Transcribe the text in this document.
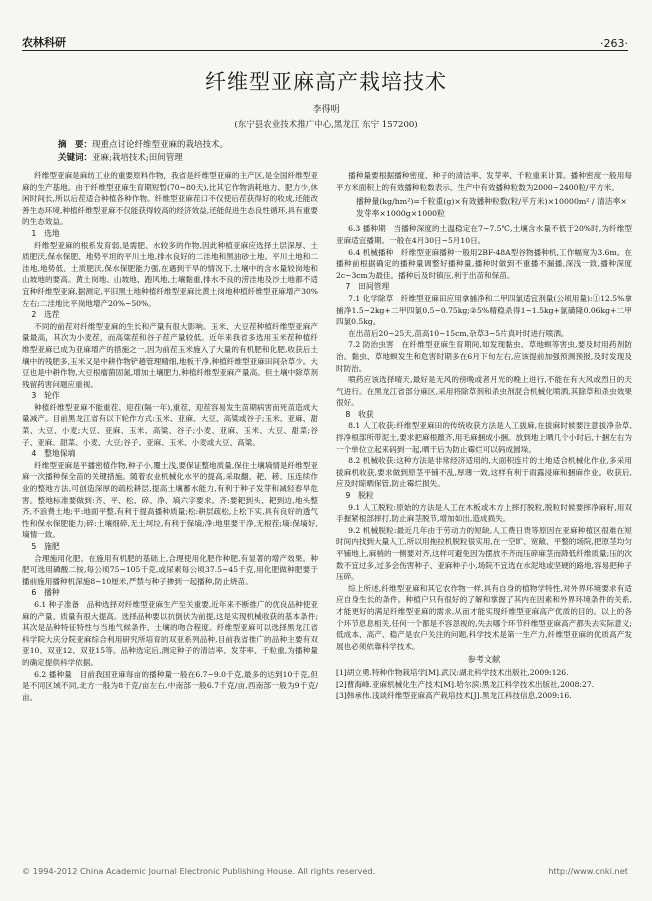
农林科研	·263·
纤维型亚麻高产栽培技术
李得明
(东宁县农业技术推广中心,黑龙江 东宁 157200)
摘　要：现重点讨论纤维型亚麻的栽培技术。
关键词：亚麻;栽培技术;田间管理

纤维型亚麻是麻纺工业的重要原料作物，我省是纤维型亚麻的主产区,是全国纤维型亚麻的生产基地。由于纤维型亚麻生育期短暂(70~80天),比其它作物消耗地力、肥力少,休闲时间长,所以后茬适合种植各种作物。纤维型亚麻茬口不仅使后茬获得好的收成,还能改善生态环境,种植纤维型亚麻不仅能获得较高的经济效益,还能促进生态良性循环,具有重要的生态效益。

1　选地

纤维型亚麻的根系发育弱,是需肥、水较多的作物,因此种植亚麻应选择土层深厚、土质肥沃,保水保肥、地势平坦的平川土地,排水良好的二洼地和黑油砂土地。平川土地和二洼地,地势低、土质肥沃,保水保肥能力强,在遇到干旱的情况下,土壤中的含水量较岗地和山坡地的要高。黄土岗地、山坡地、跑风地,土壤黏重,排水不良的涝洼地及沙土地都不适宜种纤维型亚麻,据测定,平旧黑土地种植纤维型亚麻比黄土岗地种植纤维型亚麻增产30%左右;二洼地比平岗地增产20%~50%。

2　选茬

不同的前茬对纤维型亚麻的生长和产量有很大影响。玉米、大豆茬种植纤维型亚麻产量最高，其次为小麦茬，而高粱茬和谷子茬产量较低。近年来我省多选用玉米茬种植纤维型亚麻已成为亚麻增产的措施之一,因为前茬玉米施入了大量的有机肥和化肥,收获后土壤中的残肥多,玉米又是中耕作物铲趟管理精细,地板干净,种植纤维型亚麻田间杂草少。大豆也是中耕作物,大豆根瘤菌固氮,增加土壤肥力,种植纤维型亚麻产量高。但土壤中除草剂残留药害问题应重视。

3　轮作

种植纤维型亚麻不能重茬、迎茬(隔一年),重茬、迎茬容易发生苗期病害而死苗造成大量减产。目前黑龙江省有以下轮作方式:玉米、亚麻、大豆、高粱或谷子;玉米、亚麻、甜菜、大豆、小麦;大豆、亚麻、玉米、高粱、谷子;小麦、亚麻、玉米、大豆、甜菜;谷子、亚麻、甜菜、小麦、大豆;谷子、亚麻、玉米、小麦或大豆、高粱。

4　整地保墒

纤维型亚麻是平播密植作物,种子小,覆土浅,要保证整地质量,保住土壤墒情是纤维型亚麻一次播种保全苗的关键措施。随着农业机械化水平的提高,采取翻、耙、耢、压连续作业的整地方法,可创造深厚的疏松耕层,提高土壤蓄水能力,有利于种子发芽和减轻春旱危害。整地标准要做到:齐、平、松、碎、净、墒六字要求。齐:要耙到头、耙到边,地头整齐,不浪费土地;平:地面平整,有利于提高播种质量;松:耕层疏松,上松下实,具有良好的透气性和保水保肥能力;碎:土壤细碎,无土坷垃,有利于保墒;净:地里要干净,无根茬;墒:保墒好,墒情一致。

5　施肥

合理施用化肥。在施用有机肥的基础上,合理使用化肥作种肥,有显著的增产效果。种肥可选用磷酸二铵,每公顷75~105千克,或尿素每公顷37.5~45千克,用化肥做种肥要于播前施用播种机深施8~10厘米,严禁与种子掺到一起播种,防止烧苗。

6　播种

6.1 种子准备　品种选择对纤维型亚麻生产至关重要,近年来不断推广的优良品种使亚麻的产量、质量有很大提高。选择品种要以抗倒伏为前提,这是实现机械收获的基本条件;其次是品种特征特性与当地气候条件、土壤的吻合程度。纤维型亚麻可以选择黑龙江省科学院大庆分院亚麻综合利用研究所培育的双亚系列品种,目前我省推广的品种主要有双亚10、双亚12、双亚15等。品种选定后,测定种子的清洁率、发芽率、千粒重,为播种量的确定提供科学依据。

6.2 播种量　目前我国亚麻每亩的播种量一般在6.7~9.0千克,最多的达到10千克,但是不同区域不同,北方一般为8千克/亩左右,中南部一般6.7千克/亩,西南部一般为9千克/亩。

播种量要根据播种密度、种子的清洁率、发芽率、千粒重来计算。播种密度一般用每平方米面积上的有效播种粒数表示。生产中有效播种粒数为2000~2400粒/平方米。

播种量(kg/hm²)=千粒重(g)×有效播种粒数(粒/平方米)×10000m² / 清洁率×发芽率×1000g×1000粒

6.3 播种期　当播种深度的土温稳定在7~7.5℃,土壤含水量不低于20%时,为纤维型亚麻适宜播期。一般在4月30日~5月10日。

6.4 机械播种　纤维型亚麻播种一般用2BF-48A型谷物播种机,工作幅宽为3.6m。在播种前根据确定的播种量调整好播种量,播种时做到不重播不漏播,深浅一致,播种深度2c~3cm为最佳。播种后及时镇压,利于出苗和保苗。

7　田间管理

7.1 化学除草　纤维型亚麻田应用拿捕净和二甲四氯适宜剂量(公顷用量):①12.5%拿捕净1.5~2kg+二甲四氯0.5~0.75kg;②5%精稳杀得1~1.5kg+氯磺隆0.06kg+二甲四氯0.5kg。

在出苗后20~25天,苗高10~15cm,杂草3~5片真叶时进行喷洒。

7.2 防治虫害　在纤维型亚麻生育期间,如发现黏虫、草地螟等害虫,要及时用药剂防治。黏虫、草地螟发生和危害时期多在6月下旬左右,应该提前加强预测预报,及时发现及时防治。

喷药应该选择晴天,最好是无风的傍晚或者月光的晚上进行,不能在有大风或烈日的天气进行。在黑龙江省部分麻区,采用将除草剂和杀虫剂混合机械化喷洒,其除草和杀虫效果很好。

8　收获

8.1 人工收获:纤维型亚麻田的传统收获方法是人工拔麻,在拔麻时候要注意拔净杂草,拌净根部所带泥土,要求把麻根蹾齐,用毛麻捆成小捆。放到地上晒几个小时后,十捆左右为一个单位立起来码到一起,晒干后为防止霉烂可以码成圆垛。

8.2 机械收获:这种方法是非常经济适用的,大面积连片的土地适合机械化作业,多采用拔麻机收获,要求做到原茎平铺不乱,厚薄一致,这样有利于雨露浸麻和捆麻作业。收获后,应及时晾晒保管,防止霉烂损失。

9　脱粒

9.1 人工脱粒:原始的方法是人工在木板或木方上摔打脱粒,脱粒时候要摔净麻籽,用双手握紧根部摔打,防止麻茎脱节,增加如出,造成损失。

9.2 机械脱粒:最近几年由于劳动力的短缺,人工费日贵等原因在亚麻种植区很难在短时间内找到大量人工,所以用拖拉机脱粒很实用,在一空旷、宽敞、平整的场院,把原茎均匀平铺地上,麻梢的一侧要对齐,这样可避免因为摆放不齐而压碎麻茎而降低纤维质量;压的次数不宜过多,过多会伤害种子、亚麻种子小,场院不宜选在水泥地或坚硬的路地,容易把种子压碎。

综上所述,纤维型亚麻和其它农作物一样,具有自身的植物学特性,对外界环境要求有适应自身生长的条件。种植户只有很好的了解和掌握了其内在因素和外界环境条件的关系,才能更好的满足纤维型亚麻的需求,从而才能实现纤维型亚麻高产优质的目的。以上的各个环节息息相关,任何一个都是不容忽视的,失去哪个环节纤维型亚麻高产都失去实际意义;低成本、高产、稳产是农户关注的问题,科学技术是第一生产力,纤维型亚麻的优质高产发展也必须依靠科学技术。

参考文献
[1]胡立勇.特种作物栽培学[M].武汉:湖北科学技术出版社,2009:126.
[2]曹海峰.亚麻机械化生产技术[M].哈尔滨:黑龙江科学技术出版社,2008:27.
[3]韩承伟.浅谈纤维型亚麻高产栽培技术[J].黑龙江科技信息,2009:16.
© 1994-2012 China Academic Journal Electronic Publishing House. All rights reserved.	http://www.cnki.net
